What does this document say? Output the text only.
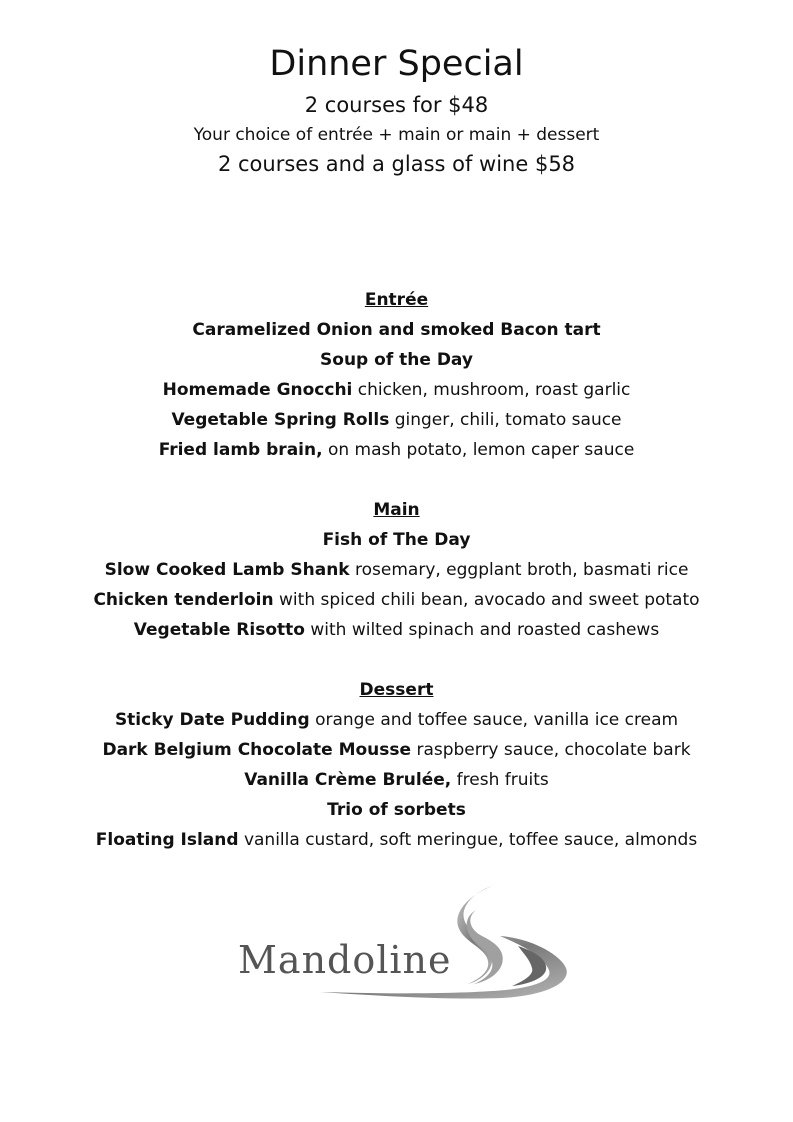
Dinner Special
2 courses for $48
Your choice of entrée + main or main + dessert
2 courses and a glass of wine $58
Entrée
Caramelized Onion and smoked Bacon tart
Soup of the Day
Homemade Gnocchi chicken, mushroom, roast garlic
Vegetable Spring Rolls ginger, chili, tomato sauce
Fried lamb brain, on mash potato, lemon caper sauce
Main
Fish of The Day
Slow Cooked Lamb Shank rosemary, eggplant broth, basmati rice
Chicken tenderloin with spiced chili bean, avocado and sweet potato
Vegetable Risotto with wilted spinach and roasted cashews
Dessert
Sticky Date Pudding orange and toffee sauce, vanilla ice cream
Dark Belgium Chocolate Mousse raspberry sauce, chocolate bark
Vanilla Crème Brulée, fresh fruits
Trio of sorbets
Floating Island vanilla custard, soft meringue, toffee sauce, almonds
Mandoline
